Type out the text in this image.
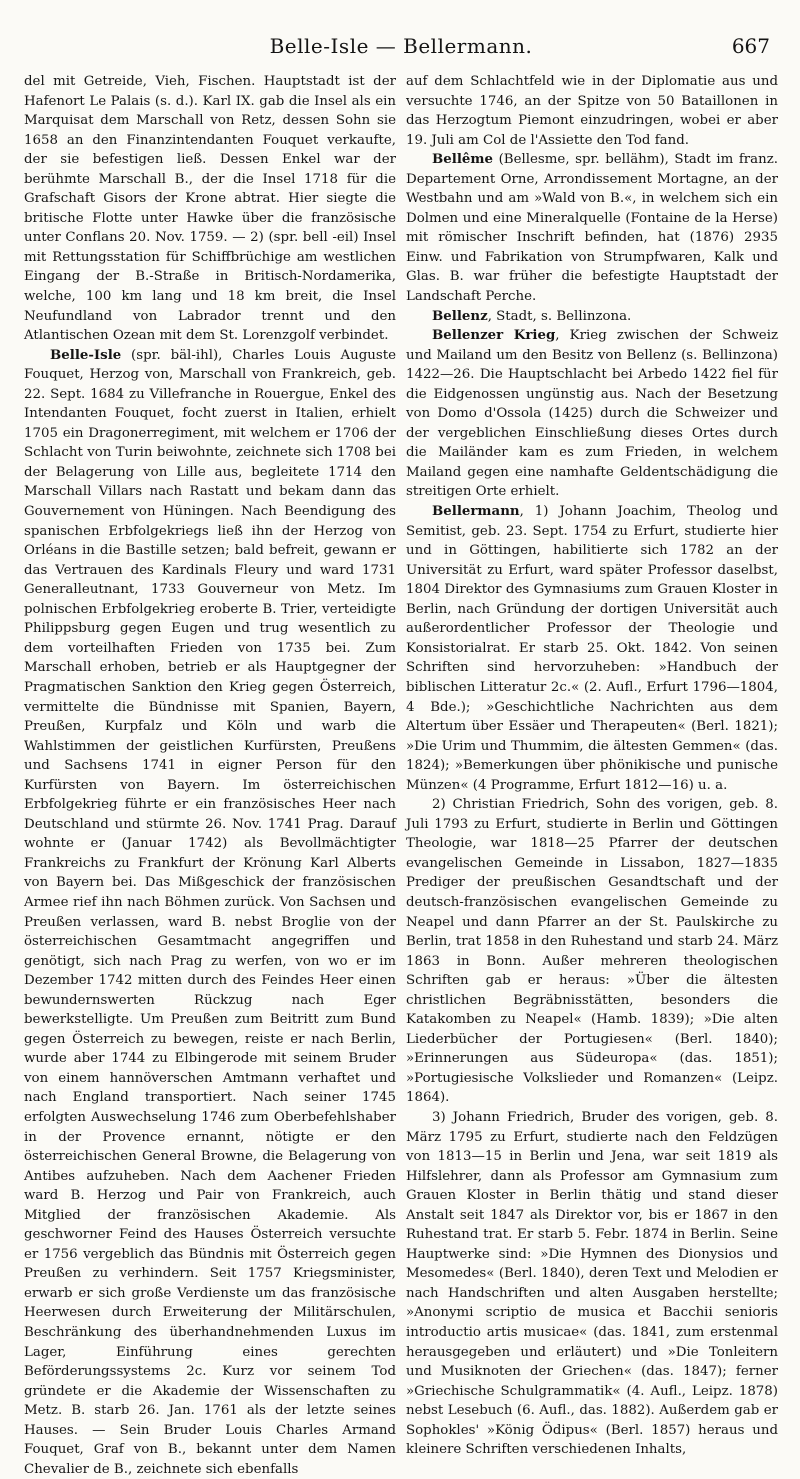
Belle-Isle — Bellermann.	667

del mit Getreide, Vieh, Fischen. Hauptstadt ist der Hafenort Le Palais (s. d.). Karl IX. gab die Insel als ein Marquisat dem Marschall von Retz, dessen Sohn sie 1658 an den Finanzintendanten Fouquet verkaufte, der sie befestigen ließ. Dessen Enkel war der berühmte Marschall B., der die Insel 1718 für die Grafschaft Gisors der Krone abtrat. Hier siegte die britische Flotte unter Hawke über die französische unter Conflans 20. Nov. 1759. — 2) (spr. bell -eil) Insel mit Rettungsstation für Schiffbrüchige am westlichen Eingang der B.-Straße in Britisch-Nordamerika, welche, 100 km lang und 18 km breit, die Insel Neufundland von Labrador trennt und den Atlantischen Ozean mit dem St. Lorenzgolf verbindet.

Belle-Isle (spr. bäl-ihl), Charles Louis Auguste Fouquet, Herzog von, Marschall von Frankreich, geb. 22. Sept. 1684 zu Villefranche in Rouergue, Enkel des Intendanten Fouquet, focht zuerst in Italien, erhielt 1705 ein Dragonerregiment, mit welchem er 1706 der Schlacht von Turin beiwohnte, zeichnete sich 1708 bei der Belagerung von Lille aus, begleitete 1714 den Marschall Villars nach Rastatt und bekam dann das Gouvernement von Hüningen. Nach Beendigung des spanischen Erbfolgekriegs ließ ihn der Herzog von Orléans in die Bastille setzen; bald befreit, gewann er das Vertrauen des Kardinals Fleury und ward 1731 Generalleutnant, 1733 Gouverneur von Metz. Im polnischen Erbfolgekrieg eroberte B. Trier, verteidigte Philippsburg gegen Eugen und trug wesentlich zu dem vorteilhaften Frieden von 1735 bei. Zum Marschall erhoben, betrieb er als Hauptgegner der Pragmatischen Sanktion den Krieg gegen Österreich, vermittelte die Bündnisse mit Spanien, Bayern, Preußen, Kurpfalz und Köln und warb die Wahlstimmen der geistlichen Kurfürsten, Preußens und Sachsens 1741 in eigner Person für den Kurfürsten von Bayern. Im österreichischen Erbfolgekrieg führte er ein französisches Heer nach Deutschland und stürmte 26. Nov. 1741 Prag. Darauf wohnte er (Januar 1742) als Bevollmächtigter Frankreichs zu Frankfurt der Krönung Karl Alberts von Bayern bei. Das Mißgeschick der französischen Armee rief ihn nach Böhmen zurück. Von Sachsen und Preußen verlassen, ward B. nebst Broglie von der österreichischen Gesamtmacht angegriffen und genötigt, sich nach Prag zu werfen, von wo er im Dezember 1742 mitten durch des Feindes Heer einen bewundernswerten Rückzug nach Eger bewerkstelligte. Um Preußen zum Beitritt zum Bund gegen Österreich zu bewegen, reiste er nach Berlin, wurde aber 1744 zu Elbingerode mit seinem Bruder von einem hannöverschen Amtmann verhaftet und nach England transportiert. Nach seiner 1745 erfolgten Auswechselung 1746 zum Oberbefehlshaber in der Provence ernannt, nötigte er den österreichischen General Browne, die Belagerung von Antibes aufzuheben. Nach dem Aachener Frieden ward B. Herzog und Pair von Frankreich, auch Mitglied der französischen Akademie. Als geschworner Feind des Hauses Österreich versuchte er 1756 vergeblich das Bündnis mit Österreich gegen Preußen zu verhindern. Seit 1757 Kriegsminister, erwarb er sich große Verdienste um das französische Heerwesen durch Erweiterung der Militärschulen, Beschränkung des überhandnehmenden Luxus im Lager, Einführung eines gerechten Beförderungssystems 2c. Kurz vor seinem Tod gründete er die Akademie der Wissenschaften zu Metz. B. starb 26. Jan. 1761 als der letzte seines Hauses. — Sein Bruder Louis Charles Armand Fouquet, Graf von B., bekannt unter dem Namen Chevalier de B., zeichnete sich ebenfalls

auf dem Schlachtfeld wie in der Diplomatie aus und versuchte 1746, an der Spitze von 50 Bataillonen in das Herzogtum Piemont einzudringen, wobei er aber 19. Juli am Col de l'Assiette den Tod fand.

Bellême (Bellesme, spr. bellähm), Stadt im franz. Departement Orne, Arrondissement Mortagne, an der Westbahn und am »Wald von B.«, in welchem sich ein Dolmen und eine Mineralquelle (Fontaine de la Herse) mit römischer Inschrift befinden, hat (1876) 2935 Einw. und Fabrikation von Strumpfwaren, Kalk und Glas. B. war früher die befestigte Hauptstadt der Landschaft Perche.

Bellenz, Stadt, s. Bellinzona.

Bellenzer Krieg, Krieg zwischen der Schweiz und Mailand um den Besitz von Bellenz (s. Bellinzona) 1422—26. Die Hauptschlacht bei Arbedo 1422 fiel für die Eidgenossen ungünstig aus. Nach der Besetzung von Domo d'Ossola (1425) durch die Schweizer und der vergeblichen Einschließung dieses Ortes durch die Mailänder kam es zum Frieden, in welchem Mailand gegen eine namhafte Geldentschädigung die streitigen Orte erhielt.

Bellermann, 1) Johann Joachim, Theolog und Semitist, geb. 23. Sept. 1754 zu Erfurt, studierte hier und in Göttingen, habilitierte sich 1782 an der Universität zu Erfurt, ward später Professor daselbst, 1804 Direktor des Gymnasiums zum Grauen Kloster in Berlin, nach Gründung der dortigen Universität auch außerordentlicher Professor der Theologie und Konsistorialrat. Er starb 25. Okt. 1842. Von seinen Schriften sind hervorzuheben: »Handbuch der biblischen Litteratur 2c.« (2. Aufl., Erfurt 1796—1804, 4 Bde.); »Geschichtliche Nachrichten aus dem Altertum über Essäer und Therapeuten« (Berl. 1821); »Die Urim und Thummim, die ältesten Gemmen« (das. 1824); »Bemerkungen über phönikische und punische Münzen« (4 Programme, Erfurt 1812—16) u. a.

2) Christian Friedrich, Sohn des vorigen, geb. 8. Juli 1793 zu Erfurt, studierte in Berlin und Göttingen Theologie, war 1818—25 Pfarrer der deutschen evangelischen Gemeinde in Lissabon, 1827—1835 Prediger der preußischen Gesandtschaft und der deutsch-französischen evangelischen Gemeinde zu Neapel und dann Pfarrer an der St. Paulskirche zu Berlin, trat 1858 in den Ruhestand und starb 24. März 1863 in Bonn. Außer mehreren theologischen Schriften gab er heraus: »Über die ältesten christlichen Begräbnisstätten, besonders die Katakomben zu Neapel« (Hamb. 1839); »Die alten Liederbücher der Portugiesen« (Berl. 1840); »Erinnerungen aus Südeuropa« (das. 1851); »Portugiesische Volkslieder und Romanzen« (Leipz. 1864).

3) Johann Friedrich, Bruder des vorigen, geb. 8. März 1795 zu Erfurt, studierte nach den Feldzügen von 1813—15 in Berlin und Jena, war seit 1819 als Hilfslehrer, dann als Professor am Gymnasium zum Grauen Kloster in Berlin thätig und stand dieser Anstalt seit 1847 als Direktor vor, bis er 1867 in den Ruhestand trat. Er starb 5. Febr. 1874 in Berlin. Seine Hauptwerke sind: »Die Hymnen des Dionysios und Mesomedes« (Berl. 1840), deren Text und Melodien er nach Handschriften und alten Ausgaben herstellte; »Anonymi scriptio de musica et Bacchii senioris introductio artis musicae« (das. 1841, zum erstenmal herausgegeben und erläutert) und »Die Tonleitern und Musiknoten der Griechen« (das. 1847); ferner »Griechische Schulgrammatik« (4. Aufl., Leipz. 1878) nebst Lesebuch (6. Aufl., das. 1882). Außerdem gab er Sophokles' »König Ödipus« (Berl. 1857) heraus und kleinere Schriften verschiedenen Inhalts,
